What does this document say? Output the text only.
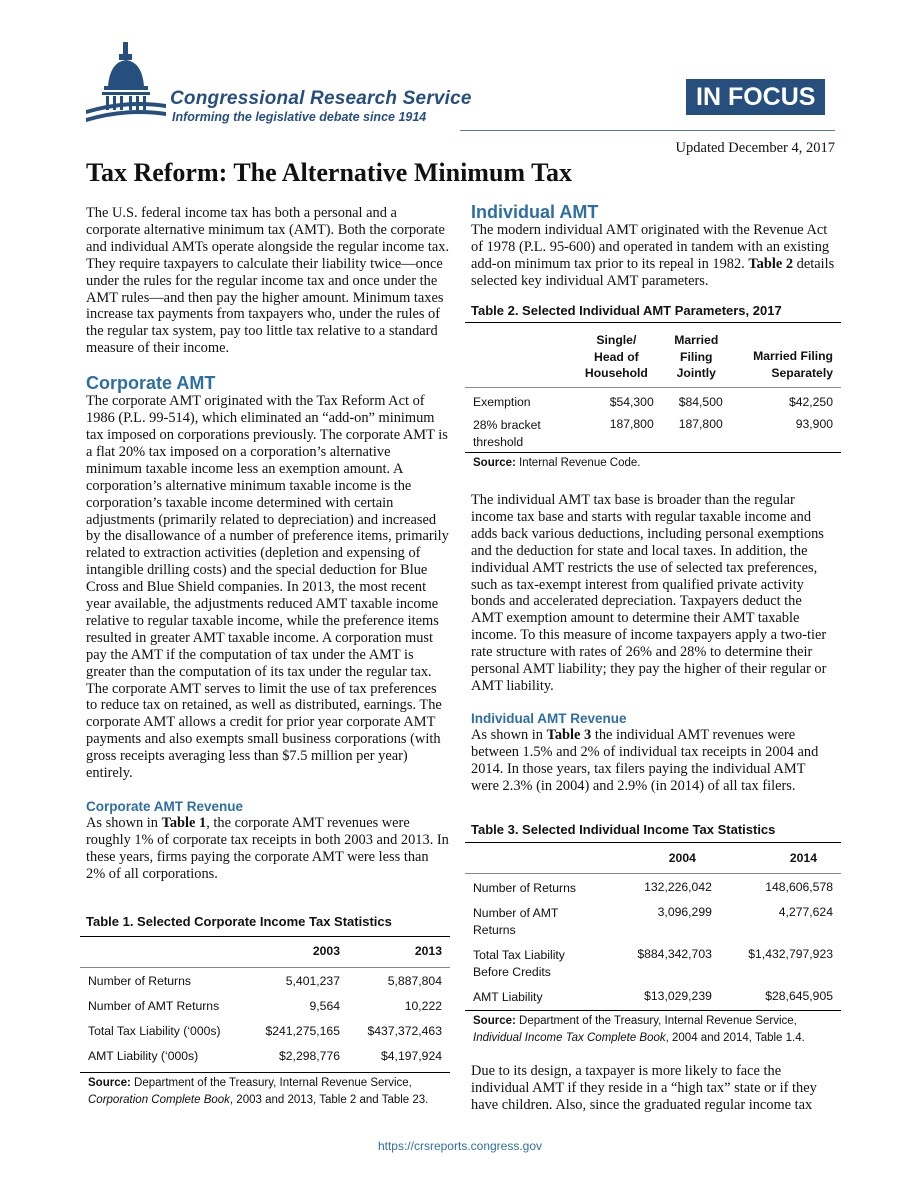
Congressional Research Service
Informing the legislative debate since 1914
IN FOCUS
Updated December 4, 2017
Tax Reform: The Alternative Minimum Tax

The U.S. federal income tax has both a personal and a corporate alternative minimum tax (AMT). Both the corporate and individual AMTs operate alongside the regular income tax. They require taxpayers to calculate their liability twice—once under the rules for the regular income tax and once under the AMT rules—and then pay the higher amount. Minimum taxes increase tax payments from taxpayers who, under the rules of the regular tax system, pay too little tax relative to a standard measure of their income.

Corporate AMT

The corporate AMT originated with the Tax Reform Act of 1986 (P.L. 99-514), which eliminated an “add-on” minimum tax imposed on corporations previously. The corporate AMT is a flat 20% tax imposed on a corporation’s alternative minimum taxable income less an exemption amount. A corporation’s alternative minimum taxable income is the corporation’s taxable income determined with certain adjustments (primarily related to depreciation) and increased by the disallowance of a number of preference items, primarily related to extraction activities (depletion and expensing of intangible drilling costs) and the special deduction for Blue Cross and Blue Shield companies. In 2013, the most recent year available, the adjustments reduced AMT taxable income relative to regular taxable income, while the preference items resulted in greater AMT taxable income. A corporation must pay the AMT if the computation of tax under the AMT is greater than the computation of its tax under the regular tax. The corporate AMT serves to limit the use of tax preferences to reduce tax on retained, as well as distributed, earnings. The corporate AMT allows a credit for prior year corporate AMT payments and also exempts small business corporations (with gross receipts averaging less than $7.5 million per year) entirely.

Corporate AMT Revenue

As shown in Table 1, the corporate AMT revenues were roughly 1% of corporate tax receipts in both 2003 and 2013. In these years, firms paying the corporate AMT were less than 2% of all corporations.

Table 1. Selected Corporate Income Tax Statistics
	2003	2013

Number of Returns	5,401,237	5,887,804
Number of AMT Returns	9,564	10,222
Total Tax Liability (‘000s)	$241,275,165	$437,372,463
AMT Liability (‘000s)	$2,298,776	$4,197,924
Source: Department of the Treasury, Internal Revenue Service,
Corporation Complete Book, 2003 and 2013, Table 2 and Table 23.
Individual AMT

The modern individual AMT originated with the Revenue Act of 1978 (P.L. 95-600) and operated in tandem with an existing add-on minimum tax prior to its repeal in 1982. Table 2 details selected key individual AMT parameters.

Table 2. Selected Individual AMT Parameters, 2017
	Single/
Head of
Household	Married
Filing
Jointly	Married Filing
Separately

Exemption	$54,300	$84,500	$42,250
28% bracket
threshold	187,800	187,800	93,900
Source: Internal Revenue Code.

The individual AMT tax base is broader than the regular income tax base and starts with regular taxable income and adds back various deductions, including personal exemptions and the deduction for state and local taxes. In addition, the individual AMT restricts the use of selected tax preferences, such as tax-exempt interest from qualified private activity bonds and accelerated depreciation. Taxpayers deduct the AMT exemption amount to determine their AMT taxable income. To this measure of income taxpayers apply a two-tier rate structure with rates of 26% and 28% to determine their personal AMT liability; they pay the higher of their regular or AMT liability.

Individual AMT Revenue

As shown in Table 3 the individual AMT revenues were between 1.5% and 2% of individual tax receipts in 2004 and 2014. In those years, tax filers paying the individual AMT were 2.3% (in 2004) and 2.9% (in 2014) of all tax filers.

Table 3. Selected Individual Income Tax Statistics
	2004	2014

Number of Returns	132,226,042	148,606,578
Number of AMT
Returns	3,096,299	4,277,624
Total Tax Liability
Before Credits	$884,342,703	$1,432,797,923
AMT Liability	$13,029,239	$28,645,905
Source: Department of the Treasury, Internal Revenue Service,
Individual Income Tax Complete Book, 2004 and 2014, Table 1.4.

Due to its design, a taxpayer is more likely to face the individual AMT if they reside in a “high tax” state or if they have children. Also, since the graduated regular income tax

https://crsreports.congress.gov
